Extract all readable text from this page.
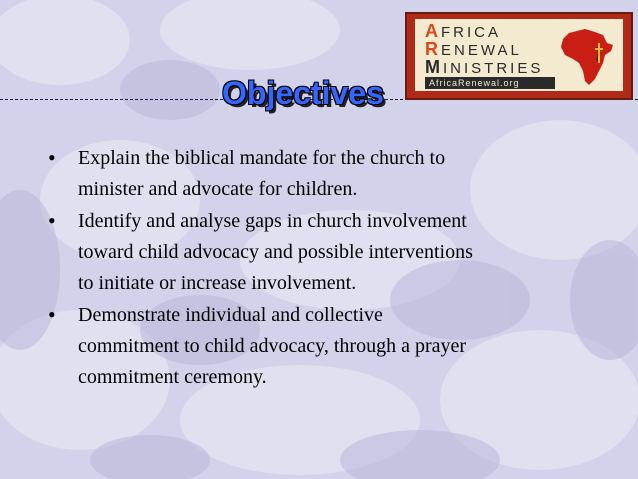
Objectives
AFRICA
RENEWAL
MINISTRIES
AfricaRenewal.org
• Explain the biblical mandate for the church to
minister and advocate for children.
• Identify and analyse gaps in church involvement
toward child advocacy and possible interventions
to initiate or increase involvement.
• Demonstrate individual and collective
commitment to child advocacy, through a prayer
commitment ceremony.
